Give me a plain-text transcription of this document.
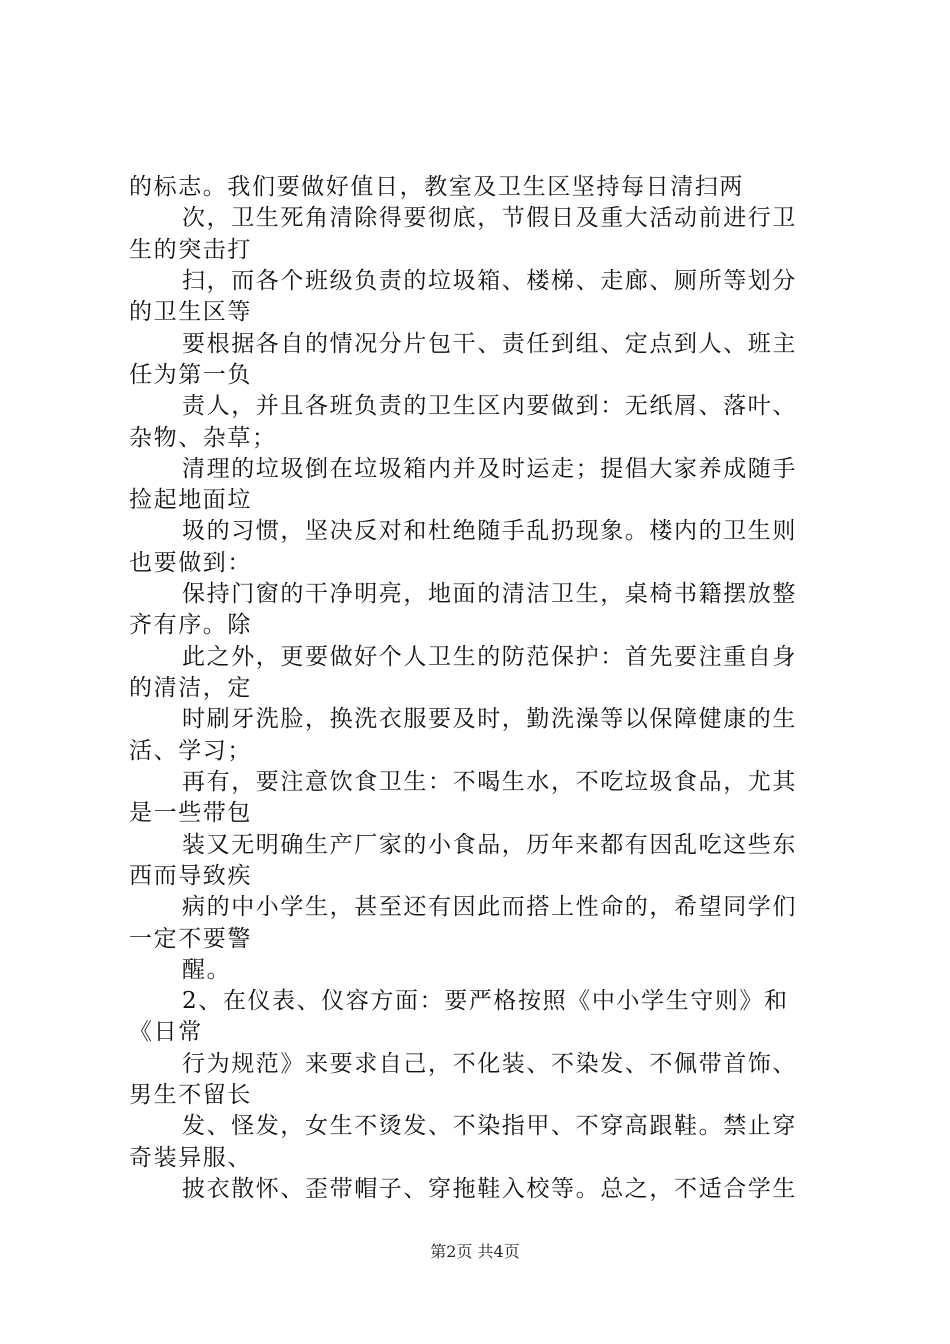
的标志。我们要做好值日，教室及卫生区坚持每日清扫两
次，卫生死角清除得要彻底，节假日及重大活动前进行卫
生的突击打
扫，而各个班级负责的垃圾箱、楼梯、走廊、厕所等划分
的卫生区等
要根据各自的情况分片包干、责任到组、定点到人、班主
任为第一负
责人，并且各班负责的卫生区内要做到：无纸屑、落叶、
杂物、杂草；
清理的垃圾倒在垃圾箱内并及时运走；提倡大家养成随手
捡起地面垃
圾的习惯，坚决反对和杜绝随手乱扔现象。楼内的卫生则
也要做到：
保持门窗的干净明亮，地面的清洁卫生，桌椅书籍摆放整
齐有序。除
此之外，更要做好个人卫生的防范保护：首先要注重自身
的清洁，定
时刷牙洗脸，换洗衣服要及时，勤洗澡等以保障健康的生
活、学习；
再有，要注意饮食卫生：不喝生水，不吃垃圾食品，尤其
是一些带包
装又无明确生产厂家的小食品，历年来都有因乱吃这些东
西而导致疾
病的中小学生，甚至还有因此而搭上性命的，希望同学们
一定不要警
醒。
2、在仪表、仪容方面：要严格按照《中小学生守则》和
《日常
行为规范》来要求自己，不化装、不染发、不佩带首饰、
男生不留长
发、怪发，女生不烫发、不染指甲、不穿高跟鞋。禁止穿
奇装异服、
披衣散怀、歪带帽子、穿拖鞋入校等。总之，不适合学生
第2页 共4页
